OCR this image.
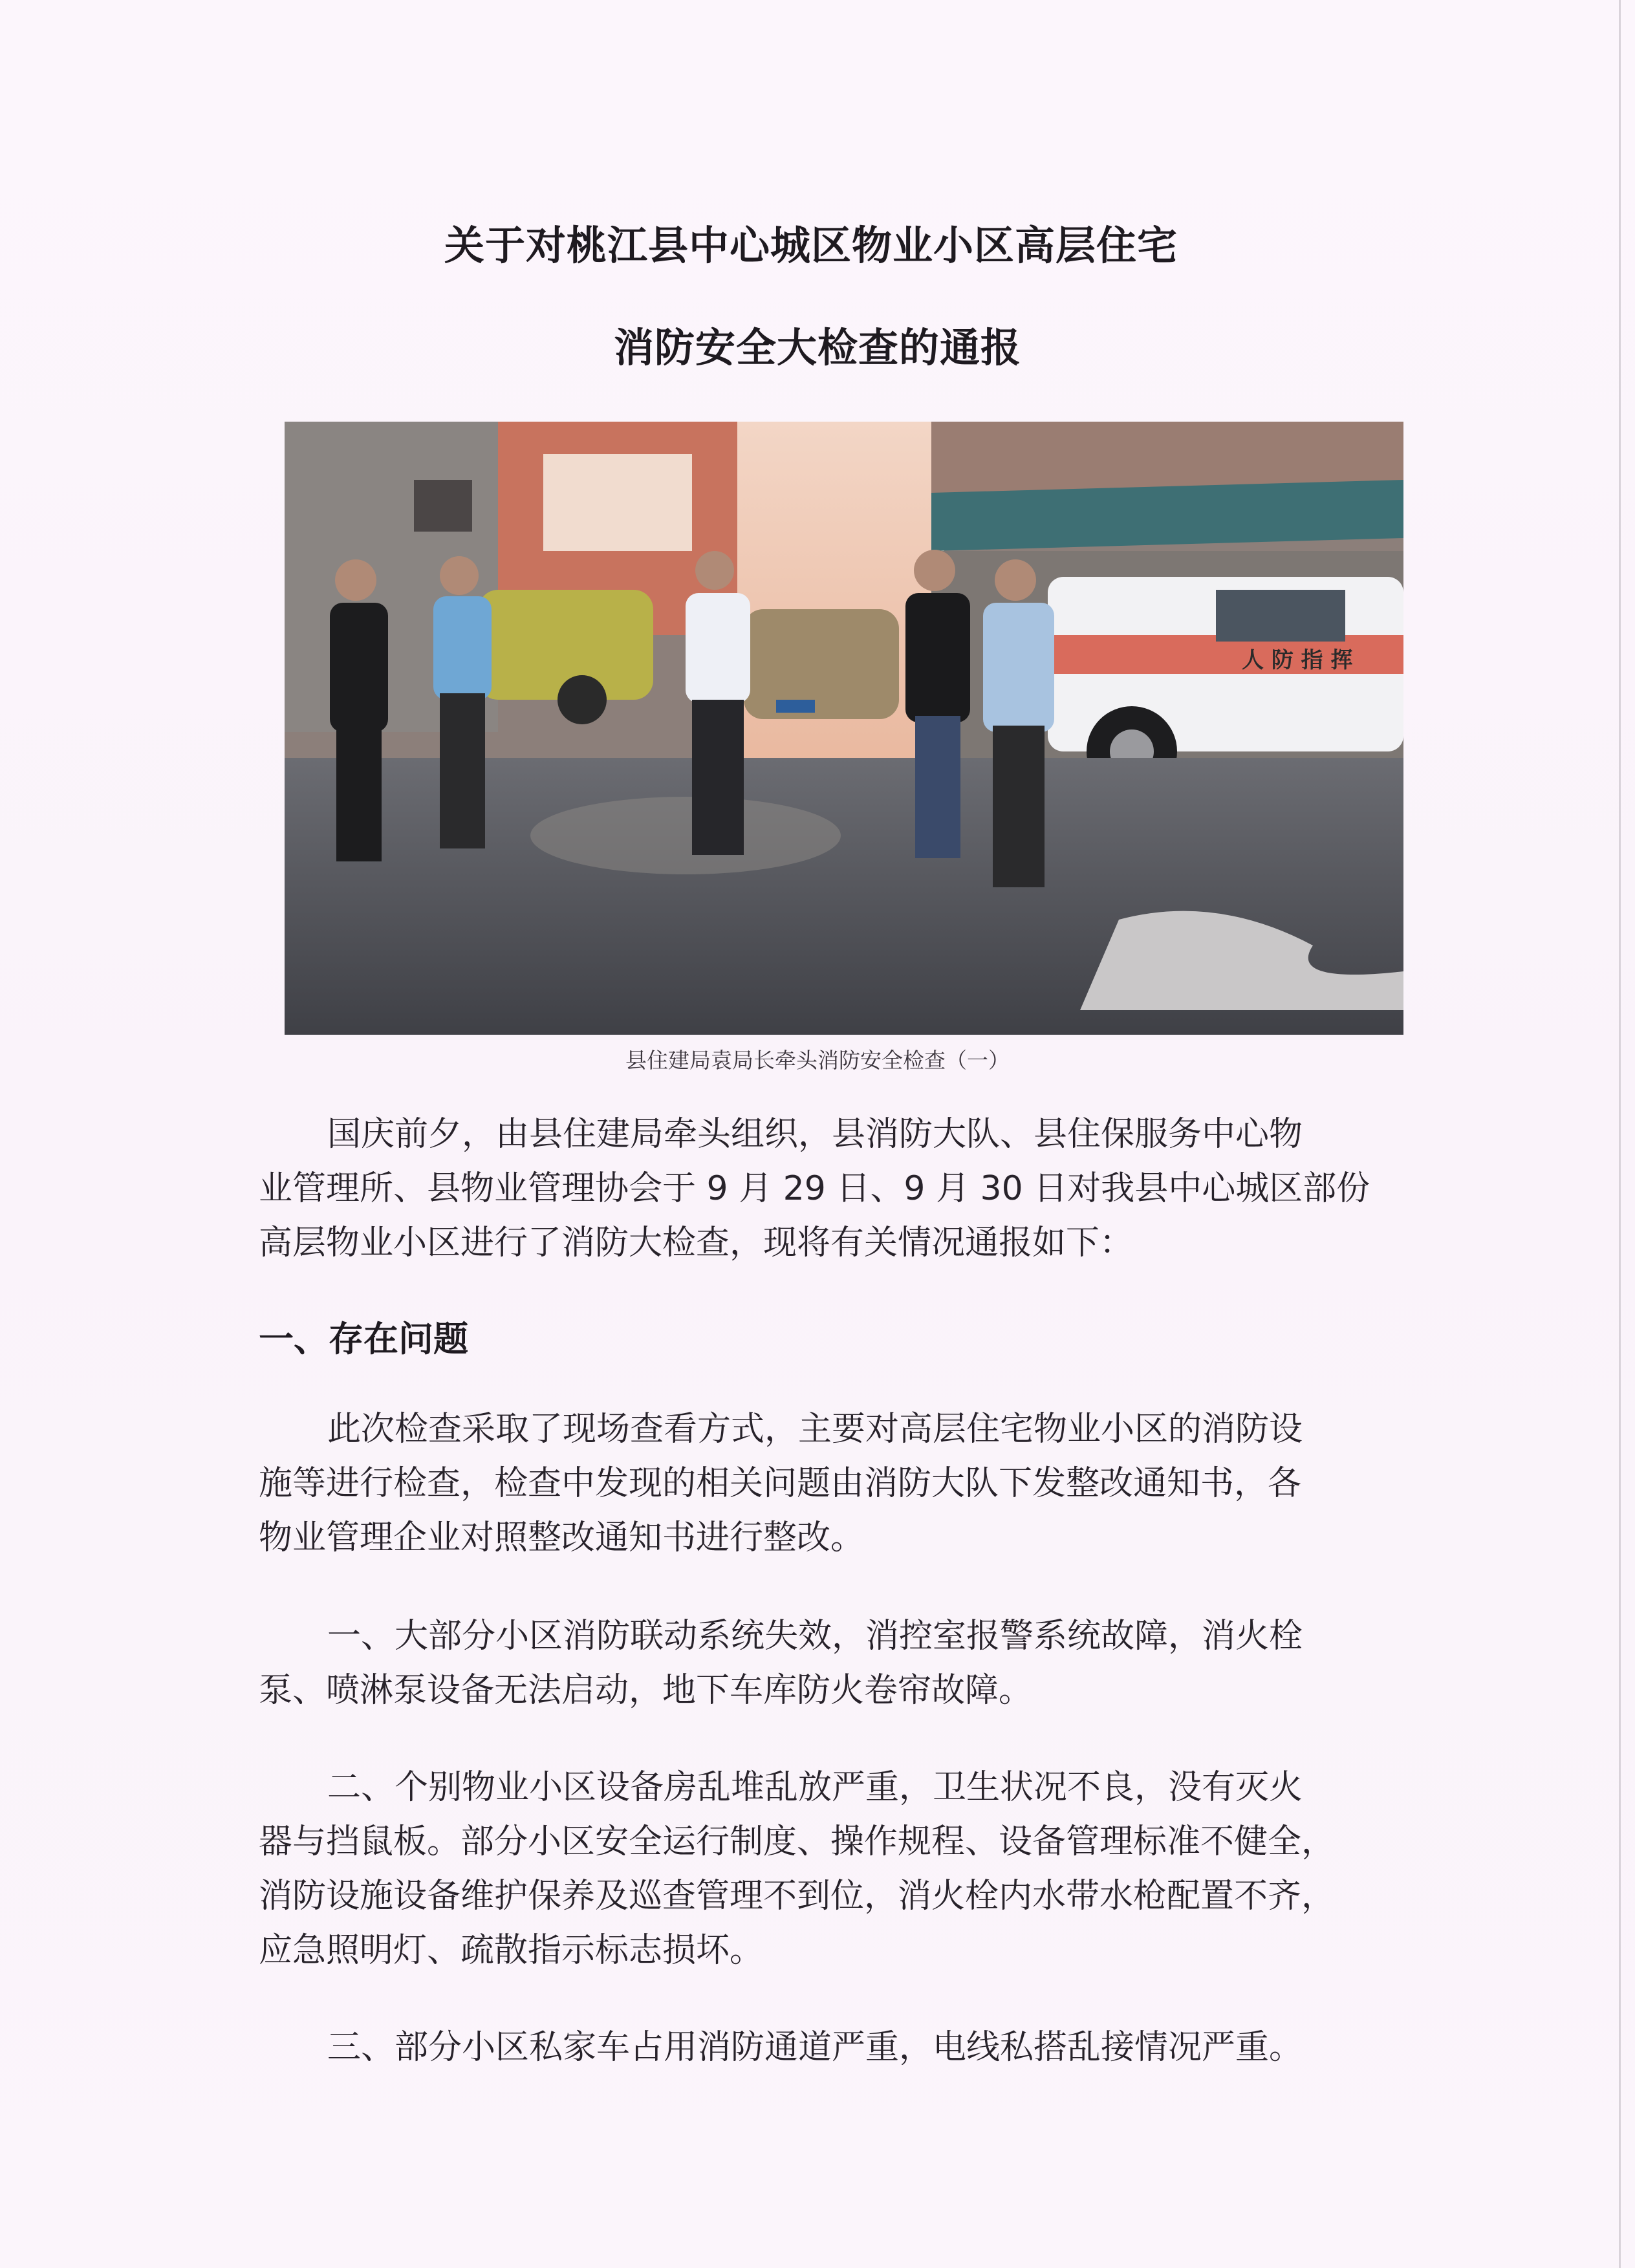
关于对桃江县中心城区物业小区高层住宅
消防安全大检查的通报
人 防 指 挥
县住建局袁局长牵头消防安全检查（一）
国庆前夕，由县住建局牵头组织，县消防大队、县住保服务中心物
业管理所、县物业管理协会于 9 月 29 日、9 月 30 日对我县中心城区部份
高层物业小区进行了消防大检查，现将有关情况通报如下：
一、存在问题
此次检查采取了现场查看方式，主要对高层住宅物业小区的消防设
施等进行检查，检查中发现的相关问题由消防大队下发整改通知书，各
物业管理企业对照整改通知书进行整改。
一、大部分小区消防联动系统失效，消控室报警系统故障，消火栓
泵、喷淋泵设备无法启动，地下车库防火卷帘故障。
二、个别物业小区设备房乱堆乱放严重，卫生状况不良，没有灭火
器与挡鼠板。部分小区安全运行制度、操作规程、设备管理标准不健全，
消防设施设备维护保养及巡查管理不到位，消火栓内水带水枪配置不齐，
应急照明灯、疏散指示标志损坏。
三、部分小区私家车占用消防通道严重，电线私搭乱接情况严重。
